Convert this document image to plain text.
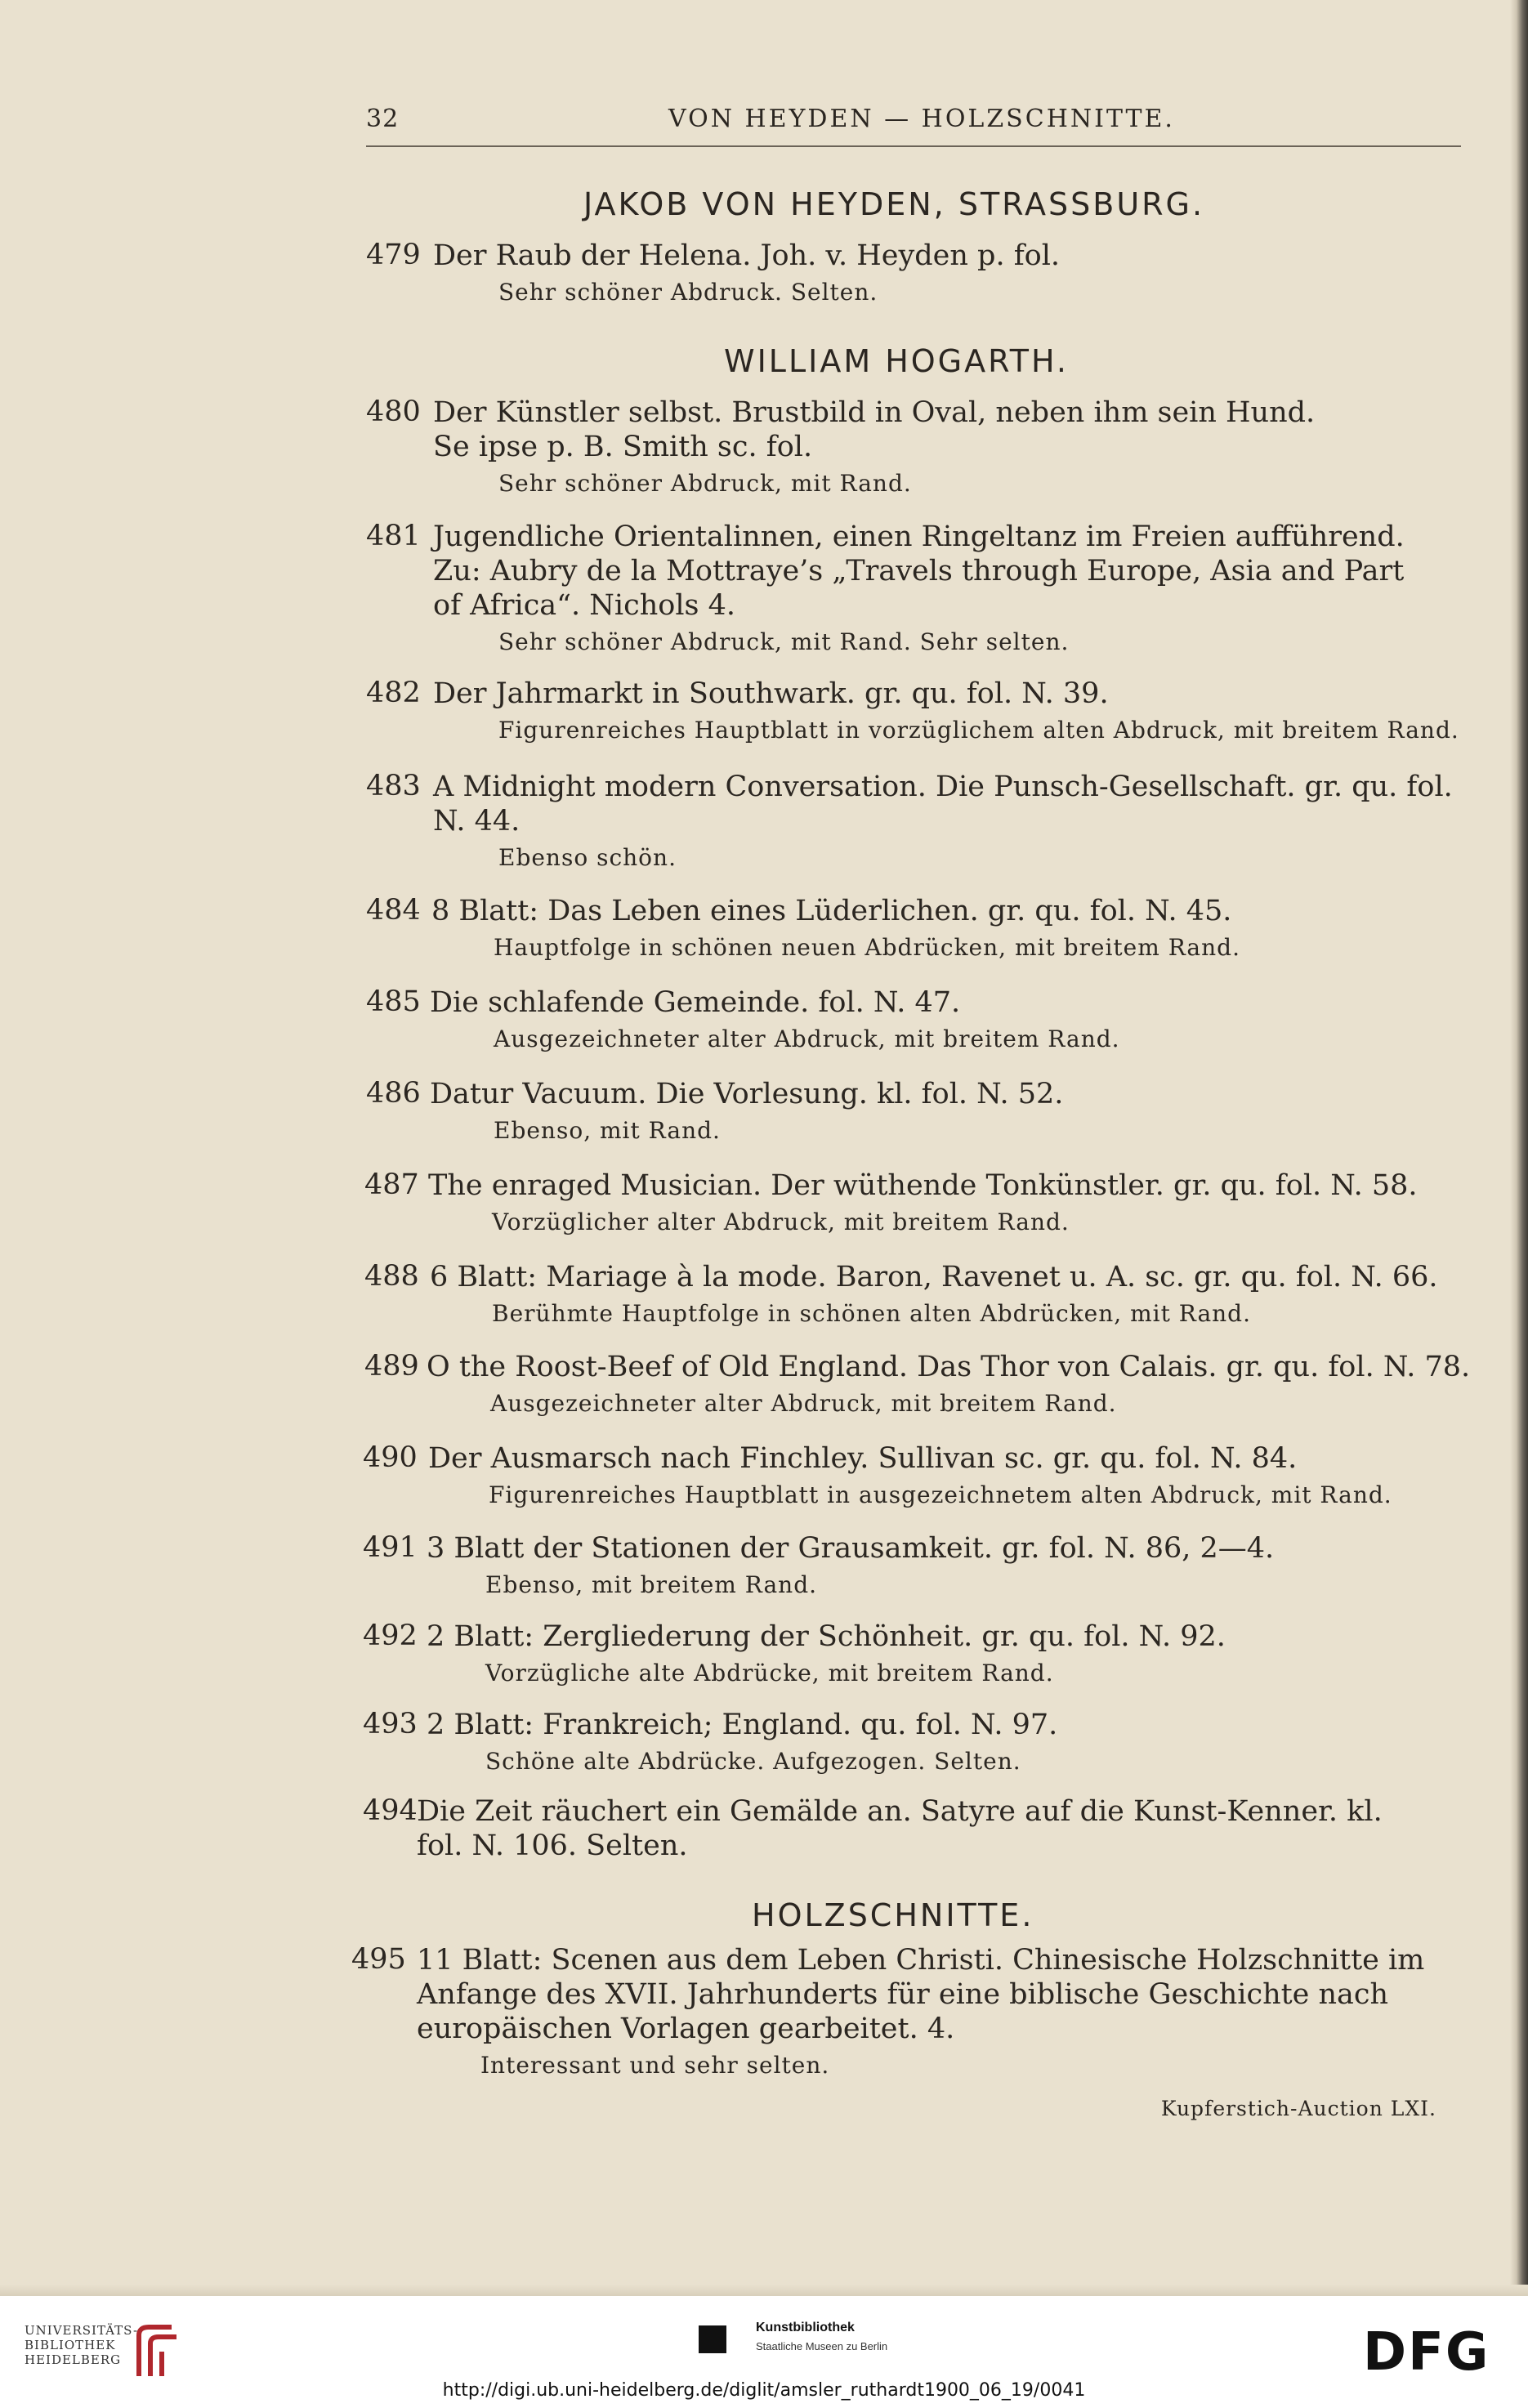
32	VON HEYDEN — HOLZSCHNITTE.
JAKOB VON HEYDEN, STRASSBURG.
479 Der Raub der Helena. Joh. v. Heyden p. fol.
Sehr schöner Abdruck. Selten.
WILLIAM HOGARTH.
480 Der Künstler selbst. Brustbild in Oval, neben ihm sein Hund.
Se ipse p. B. Smith sc. fol.
Sehr schöner Abdruck, mit Rand.
481 Jugendliche Orientalinnen, einen Ringeltanz im Freien aufführend.
Zu: Aubry de la Mottraye’s „Travels through Europe, Asia and Part
of Africa“. Nichols 4.
Sehr schöner Abdruck, mit Rand. Sehr selten.
482 Der Jahrmarkt in Southwark. gr. qu. fol. N. 39.
Figurenreiches Hauptblatt in vorzüglichem alten Abdruck, mit breitem Rand.
483 A Midnight modern Conversation. Die Punsch-Gesellschaft. gr. qu. fol.
N. 44.
Ebenso schön.
484 8 Blatt: Das Leben eines Lüderlichen. gr. qu. fol. N. 45.
Hauptfolge in schönen neuen Abdrücken, mit breitem Rand.
485 Die schlafende Gemeinde. fol. N. 47.
Ausgezeichneter alter Abdruck, mit breitem Rand.
486 Datur Vacuum. Die Vorlesung. kl. fol. N. 52.
Ebenso, mit Rand.
487 The enraged Musician. Der wüthende Tonkünstler. gr. qu. fol. N. 58.
Vorzüglicher alter Abdruck, mit breitem Rand.
488 6 Blatt: Mariage à la mode. Baron, Ravenet u. A. sc. gr. qu. fol. N. 66.
Berühmte Hauptfolge in schönen alten Abdrücken, mit Rand.
489 O the Roost-Beef of Old England. Das Thor von Calais. gr. qu. fol. N. 78.
Ausgezeichneter alter Abdruck, mit breitem Rand.
490 Der Ausmarsch nach Finchley. Sullivan sc. gr. qu. fol. N. 84.
Figurenreiches Hauptblatt in ausgezeichnetem alten Abdruck, mit Rand.
491 3 Blatt der Stationen der Grausamkeit. gr. fol. N. 86, 2—4.
Ebenso, mit breitem Rand.
492 2 Blatt: Zergliederung der Schönheit. gr. qu. fol. N. 92.
Vorzügliche alte Abdrücke, mit breitem Rand.
493 2 Blatt: Frankreich; England. qu. fol. N. 97.
Schöne alte Abdrücke. Aufgezogen. Selten.
494 Die Zeit räuchert ein Gemälde an. Satyre auf die Kunst-Kenner. kl.
fol. N. 106. Selten.
HOLZSCHNITTE.
495 11 Blatt: Scenen aus dem Leben Christi. Chinesische Holzschnitte im
Anfange des XVII. Jahrhunderts für eine biblische Geschichte nach
europäischen Vorlagen gearbeitet. 4.
Interessant und sehr selten.
Kupferstich-Auction LXI.
UNIVERSITÄTS-
BIBLIOTHEK
HEIDELBERG
Kunstbibliothek
Staatliche Museen zu Berlin	DFG
http://digi.ub.uni-heidelberg.de/diglit/amsler_ruthardt1900_06_19/0041
